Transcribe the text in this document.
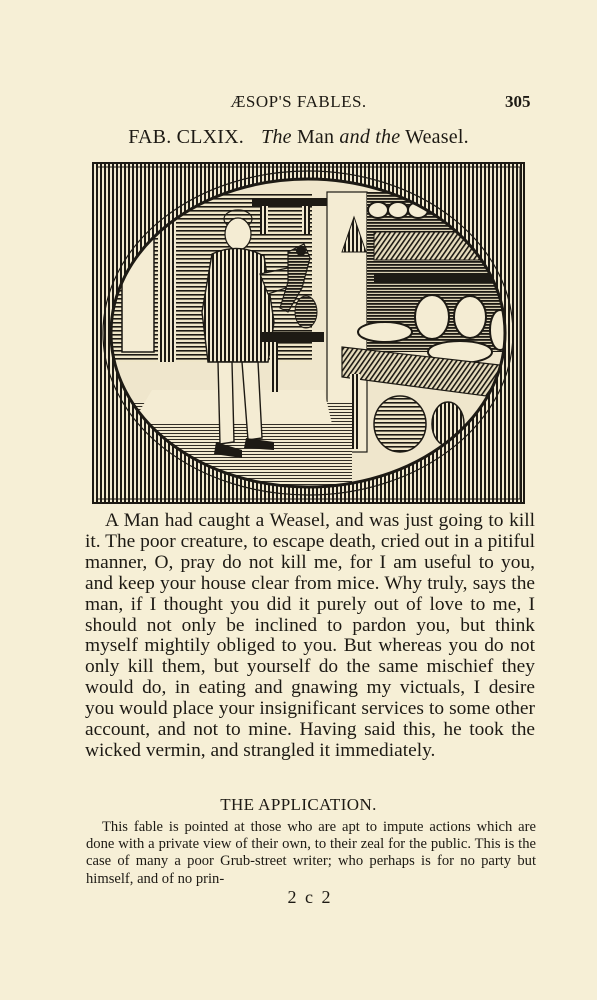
ÆSOP'S FABLES.	305
FAB. CLXIX. The Man and the Weasel.

A Man had caught a Weasel, and was just going to kill it. The poor creature, to escape death, cried out in a pitiful manner, O, pray do not kill me, for I am useful to you, and keep your house clear from mice. Why truly, says the man, if I thought you did it purely out of love to me, I should not only be inclined to pardon you, but think myself mightily obliged to you. But whereas you do not only kill them, but yourself do the same mischief they would do, in eating and gnawing my victuals, I desire you would place your insignificant services to some other account, and not to mine. Having said this, he took the wicked vermin, and strangled it immediately.

THE APPLICATION.

This fable is pointed at those who are apt to impute actions which are done with a private view of their own, to their zeal for the public. This is the case of many a poor Grub-street writer; who perhaps is for no party but himself, and of no prin-

2 c 2
